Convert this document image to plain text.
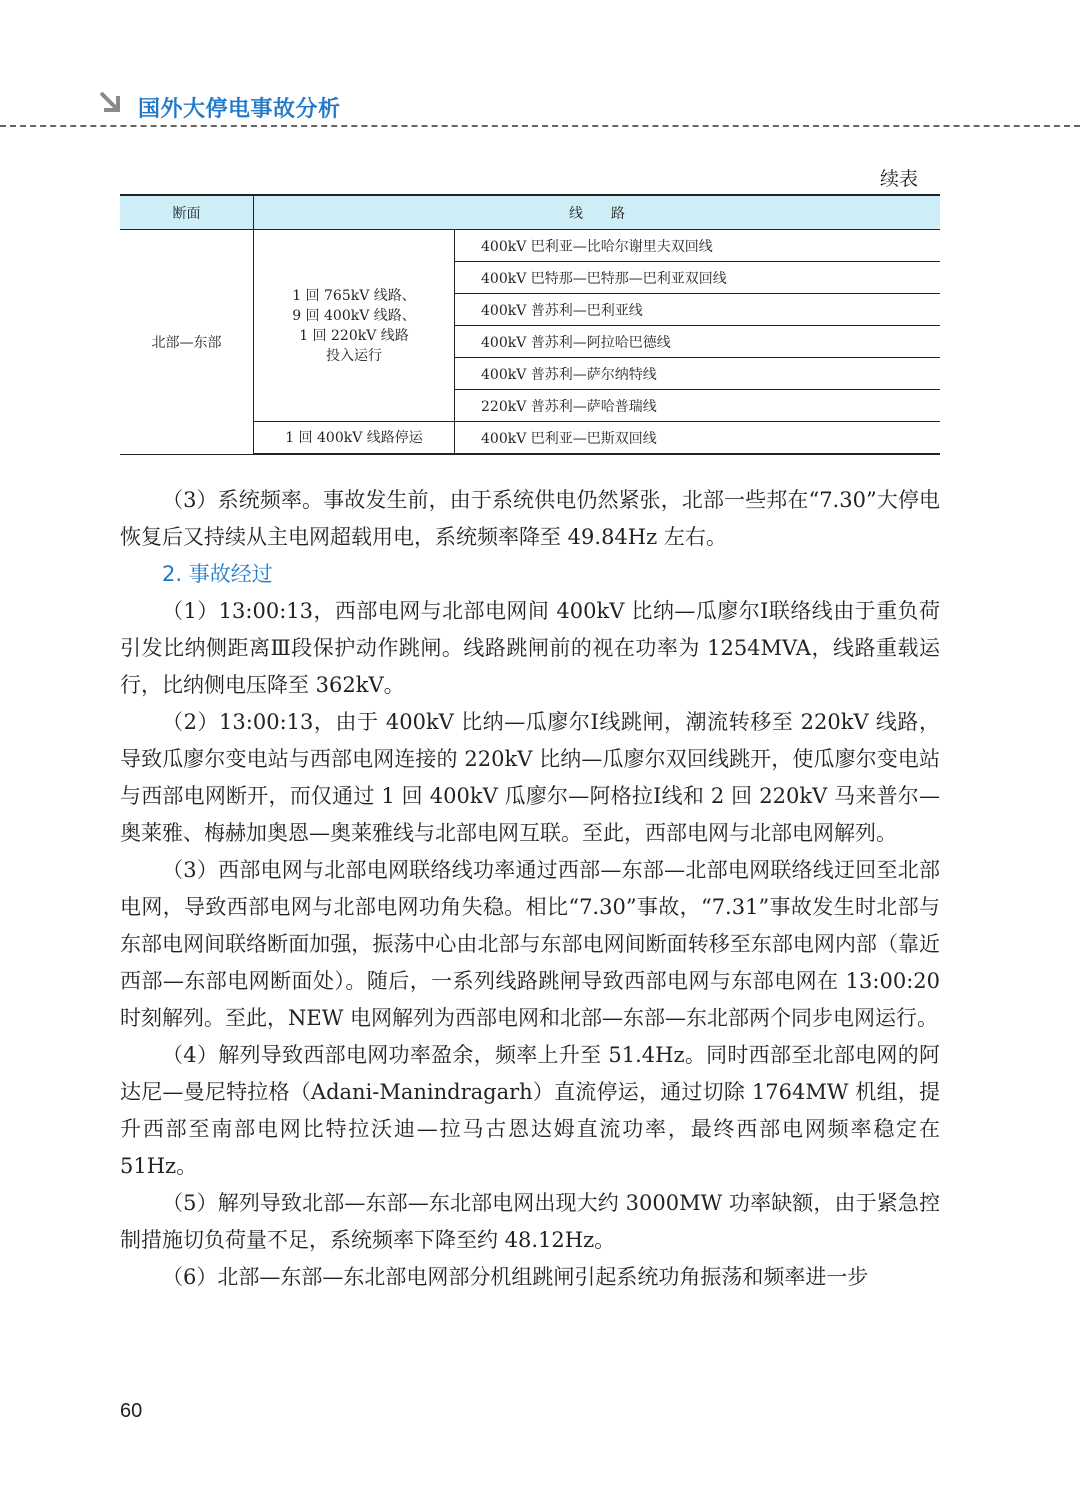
国外大停电事故分析
续表
断面	线　　路	
北部—东部	1 回 765kV 线路、
9 回 400kV 线路、
1 回 220kV 线路
投入运行	400kV 巴利亚—比哈尔谢里夫双回线
		400kV 巴特那—巴特那—巴利亚双回线
		400kV 普苏利—巴利亚线
		400kV 普苏利—阿拉哈巴德线
		400kV 普苏利—萨尔纳特线
		220kV 普苏利—萨哈普瑞线
	1 回 400kV 线路停运	400kV 巴利亚—巴斯双回线

（3）系统频率。事故发生前，由于系统供电仍然紧张，北部一些邦在“7.30”大停电恢复后又持续从主电网超载用电，系统频率降至 49.84Hz 左右。

2. 事故经过

（1）13:00:13，西部电网与北部电网间 400kV 比纳—瓜廖尔Ⅰ联络线由于重负荷引发比纳侧距离Ⅲ段保护动作跳闸。线路跳闸前的视在功率为 1254MVA，线路重载运行，比纳侧电压降至 362kV。

（2）13:00:13，由于 400kV 比纳—瓜廖尔Ⅰ线跳闸，潮流转移至 220kV 线路，导致瓜廖尔变电站与西部电网连接的 220kV 比纳—瓜廖尔双回线跳开，使瓜廖尔变电站与西部电网断开，而仅通过 1 回 400kV 瓜廖尔—阿格拉Ⅰ线和 2 回 220kV 马来普尔—奥莱雅、梅赫加奥恩—奥莱雅线与北部电网互联。至此，西部电网与北部电网解列。

（3）西部电网与北部电网联络线功率通过西部—东部—北部电网联络线迂回至北部电网，导致西部电网与北部电网功角失稳。相比“7.30”事故，“7.31”事故发生时北部与东部电网间联络断面加强，振荡中心由北部与东部电网间断面转移至东部电网内部（靠近西部—东部电网断面处）。随后，一系列线路跳闸导致西部电网与东部电网在 13:00:20 时刻解列。至此，NEW 电网解列为西部电网和北部—东部—东北部两个同步电网运行。

（4）解列导致西部电网功率盈余，频率上升至 51.4Hz。同时西部至北部电网的阿达尼—曼尼特拉格（Adani-Manindragarh）直流停运，通过切除 1764MW 机组，提升西部至南部电网比特拉沃迪—拉马古恩达姆直流功率，最终西部电网频率稳定在 51Hz。

（5）解列导致北部—东部—东北部电网出现大约 3000MW 功率缺额，由于紧急控制措施切负荷量不足，系统频率下降至约 48.12Hz。

（6）北部—东部—东北部电网部分机组跳闸引起系统功角振荡和频率进一步

60
